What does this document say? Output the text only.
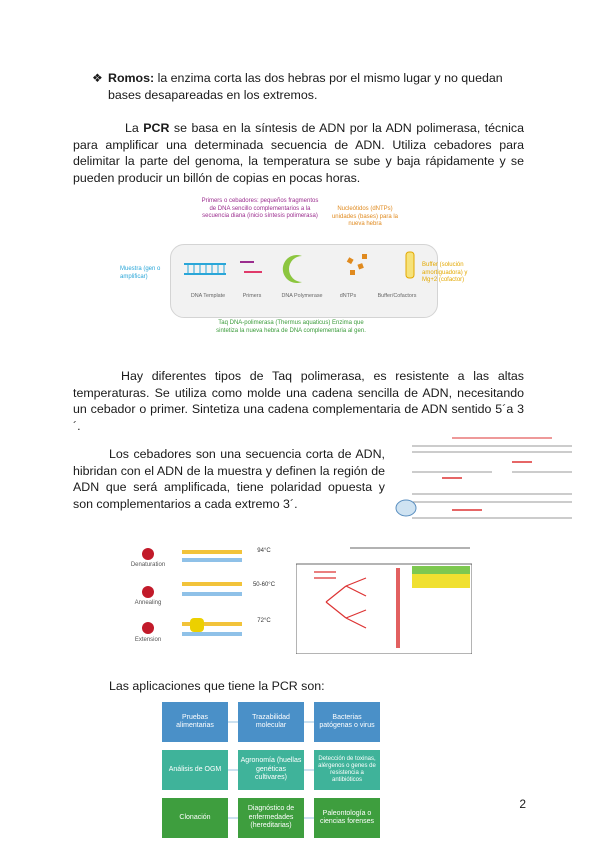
❖ Romos: la enzima corta las dos hebras por el mismo lugar y no quedan
bases desapareadas en los extremos.
La PCR se basa en la síntesis de ADN por la ADN polimerasa, técnica para amplificar una determinada secuencia de ADN. Utiliza cebadores para delimitar la parte del genoma, la temperatura se sube y baja rápidamente y se pueden producir un billón de copias en pocas horas.
Primers o cebadores: pequeños fragmentos de DNA sencillo complementarios a la secuencia diana (inicio síntesis polimerasa)
Nucleótidos (dNTPs) unidades (bases) para la nueva hebra
Muestra (gen o amplificar)
Buffer (solución amortiguadora) y Mg+2 (cofactor)
DNA Template	Primers	DNA Polymerase	dNTPs	Buffer/Cofactors
Taq DNA-polimerasa (Thermus aquaticus) Enzima que sintetiza la nueva hebra de DNA complementaria al gen.
Hay diferentes tipos de Taq polimerasa, es resistente a las altas temperaturas. Se utiliza como molde una cadena sencilla de ADN, necesitando un cebador o primer. Sintetiza una cadena complementaria de ADN sentido 5´a 3´.
Los cebadores son una secuencia corta de ADN, hibridan con el ADN de la muestra y definen la región de ADN que será amplificada, tiene polaridad opuesta y son complementarios a cada extremo 3´.
Denaturation
Annealing
Extension
94°C
50-60°C
72°C
Las aplicaciones que tiene la PCR son:
Pruebas alimentarias
Trazabilidad molecular
Bacterias patógenas o virus
Análisis de OGM
Agronomía (huellas genéticas cultivares)
Detección de toxinas, alérgenos o genes de resistencia a antibióticos
Clonación
Diagnóstico de enfermedades (hereditarias)
Paleontología o ciencias forenses
2
